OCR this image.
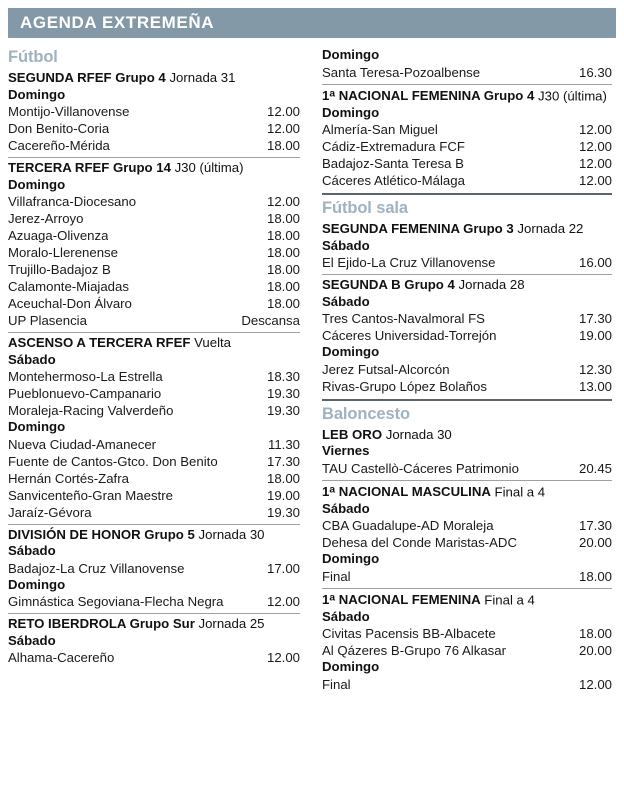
AGENDA EXTREMEÑA
Fútbol
SEGUNDA RFEF Grupo 4 Jornada 31
Domingo
Montijo-Villanovense	12.00
Don Benito-Coria	12.00
Cacereño-Mérida	18.00
TERCERA RFEF Grupo 14 J30 (última)
Domingo
Villafranca-Diocesano	12.00
Jerez-Arroyo	18.00
Azuaga-Olivenza	18.00
Moralo-Llerenense	18.00
Trujillo-Badajoz B	18.00
Calamonte-Miajadas	18.00
Aceuchal-Don Álvaro	18.00
UP Plasencia	Descansa
ASCENSO A TERCERA RFEF Vuelta
Sábado
Montehermoso-La Estrella	18.30
Pueblonuevo-Campanario	19.30
Moraleja-Racing Valverdeño	19.30
Domingo
Nueva Ciudad-Amanecer	11.30
Fuente de Cantos-Gtco. Don Benito	17.30
Hernán Cortés-Zafra	18.00
Sanvicenteño-Gran Maestre	19.00
Jaraíz-Gévora	19.30
DIVISIÓN DE HONOR Grupo 5 Jornada 30
Sábado
Badajoz-La Cruz Villanovense	17.00
Domingo
Gimnástica Segoviana-Flecha Negra	12.00
RETO IBERDROLA Grupo Sur Jornada 25
Sábado
Alhama-Cacereño	12.00
Domingo
Santa Teresa-Pozoalbense	16.30
1$^a$ NACIONAL FEMENINA Grupo 4 J30 (última)
Domingo
Almería-San Miguel	12.00
Cádiz-Extremadura FCF	12.00
Badajoz-Santa Teresa B	12.00
Cáceres Atlético-Málaga	12.00
Fútbol sala
SEGUNDA FEMENINA Grupo 3 Jornada 22
Sábado
El Ejido-La Cruz Villanovense	16.00
SEGUNDA B Grupo 4 Jornada 28
Sábado
Tres Cantos-Navalmoral FS	17.30
Cáceres Universidad-Torrejón	19.00
Domingo
Jerez Futsal-Alcorcón	12.30
Rivas-Grupo López Bolaños	13.00
Baloncesto
LEB ORO Jornada 30
Viernes
TAU Castellò-Cáceres Patrimonio	20.45
1$^a$ NACIONAL MASCULINA Final a 4
Sábado
CBA Guadalupe-AD Moraleja	17.30
Dehesa del Conde Maristas-ADC	20.00
Domingo
Final	18.00
1$^a$ NACIONAL FEMENINA Final a 4
Sábado
Civitas Pacensis BB-Albacete	18.00
Al Qázeres B-Grupo 76 Alkasar	20.00
Domingo
Final	12.00
